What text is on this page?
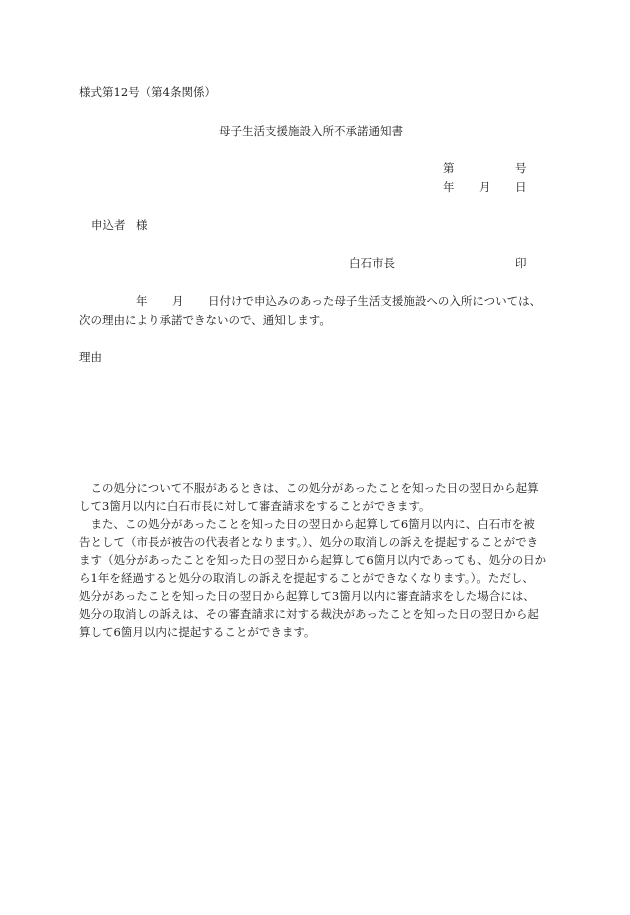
様式第12号（第4条関係）
母子生活支援施設入所不承諾通知書
第	号
年 月 日
申込者 様
白石市長	印
年 月 日付けで申込みのあった母子生活支援施設への入所については、
次の理由により承諾できないので、通知します。
理由
　この処分について不服があるときは、この処分があったことを知った日の翌日から起算
して3箇月以内に白石市長に対して審査請求をすることができます。
　また、この処分があったことを知った日の翌日から起算して6箇月以内に、白石市を被
告として（市長が被告の代表者となります。）、処分の取消しの訴えを提起することができ
ます（処分があったことを知った日の翌日から起算して6箇月以内であっても、処分の日か
ら1年を経過すると処分の取消しの訴えを提起することができなくなります。）。ただし、
処分があったことを知った日の翌日から起算して3箇月以内に審査請求をした場合には、
処分の取消しの訴えは、その審査請求に対する裁決があったことを知った日の翌日から起
算して6箇月以内に提起することができます。
